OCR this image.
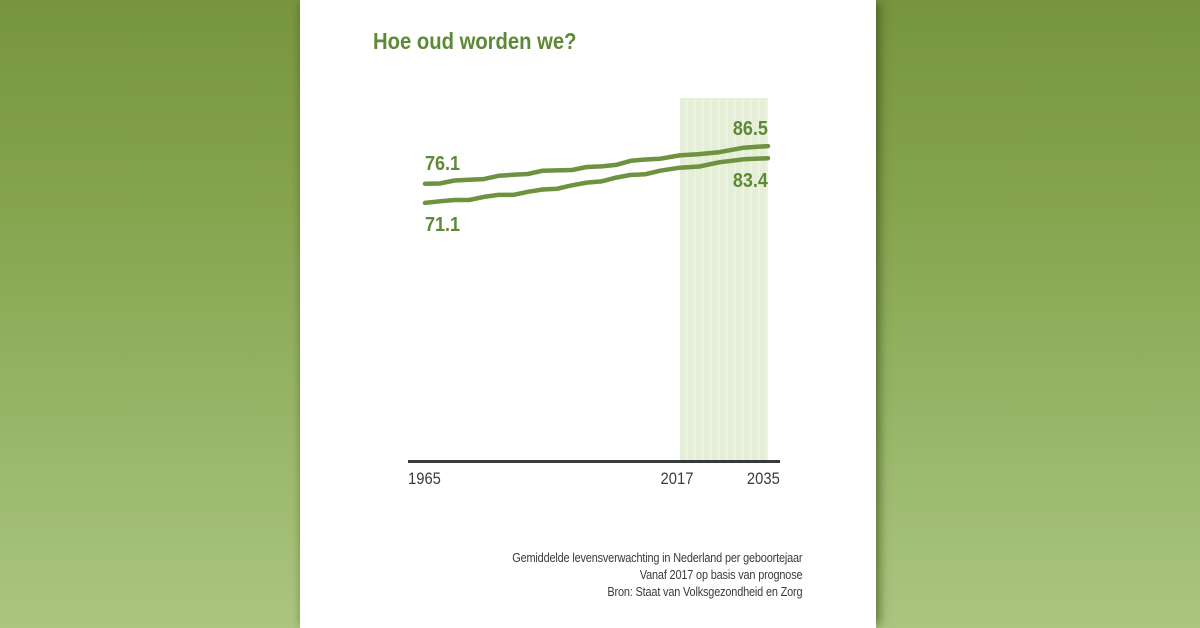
Hoe oud worden we?
76.1
71.1
86.5
83.4
1965	2017	2035
Gemiddelde levensverwachting in Nederland per geboortejaar
Vanaf 2017 op basis van prognose
Bron: Staat van Volksgezondheid en Zorg
